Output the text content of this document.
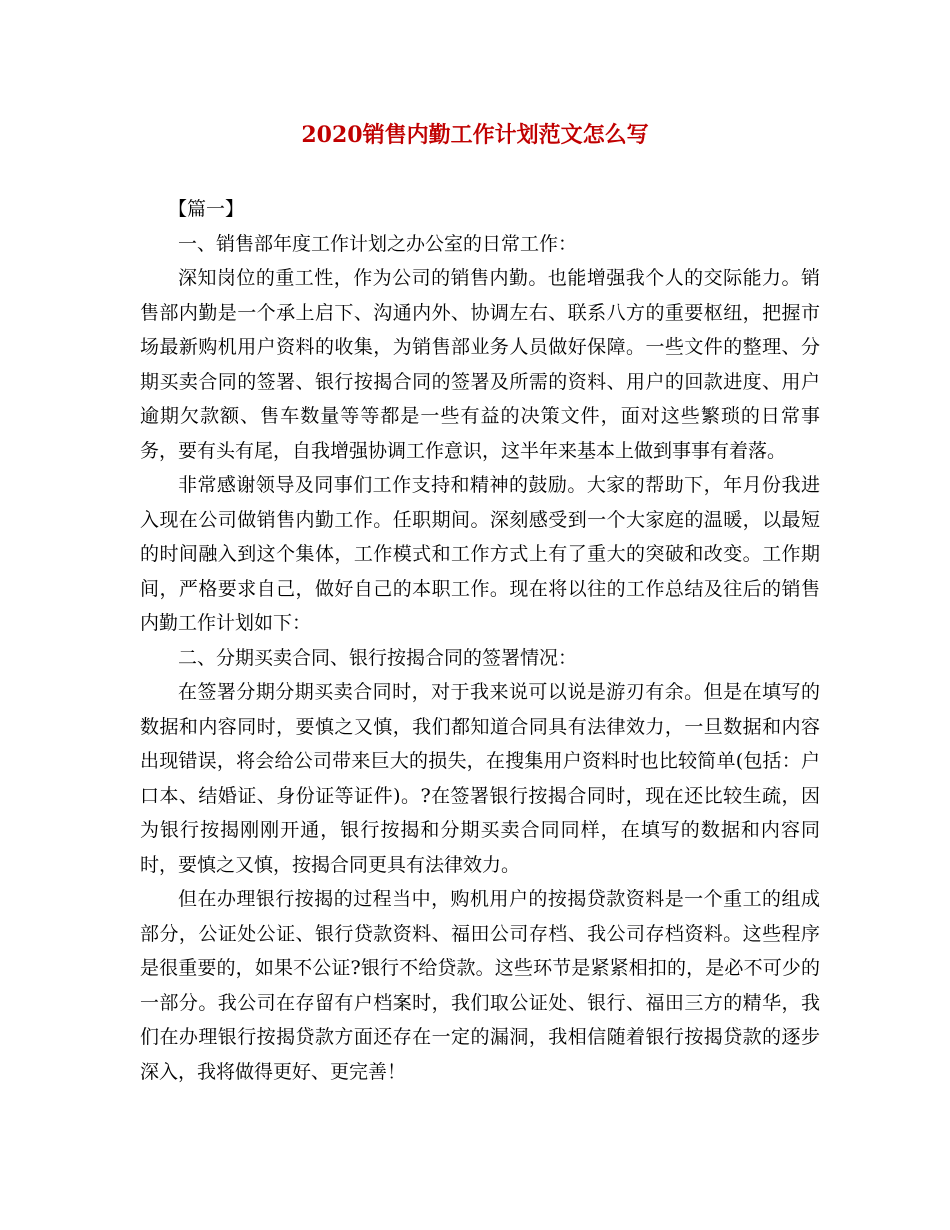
2020销售内勤工作计划范文怎么写

【篇一】

一、销售部年度工作计划之办公室的日常工作：

深知岗位的重工性，作为公司的销售内勤。也能增强我个人的交际能力。销售部内勤是一个承上启下、沟通内外、协调左右、联系八方的重要枢纽，把握市场最新购机用户资料的收集，为销售部业务人员做好保障。一些文件的整理、分期买卖合同的签署、银行按揭合同的签署及所需的资料、用户的回款进度、用户逾期欠款额、售车数量等等都是一些有益的决策文件，面对这些繁琐的日常事务，要有头有尾，自我增强协调工作意识，这半年来基本上做到事事有着落。

非常感谢领导及同事们工作支持和精神的鼓励。大家的帮助下，年月份我进入现在公司做销售内勤工作。任职期间。深刻感受到一个大家庭的温暖，以最短的时间融入到这个集体，工作模式和工作方式上有了重大的突破和改变。工作期间，严格要求自己，做好自己的本职工作。现在将以往的工作总结及往后的销售内勤工作计划如下：

二、分期买卖合同、银行按揭合同的签署情况：

在签署分期分期买卖合同时，对于我来说可以说是游刃有余。但是在填写的数据和内容同时，要慎之又慎，我们都知道合同具有法律效力，一旦数据和内容出现错误，将会给公司带来巨大的损失，在搜集用户资料时也比较简单(包括：户口本、结婚证、身份证等证件)。?在签署银行按揭合同时，现在还比较生疏，因为银行按揭刚刚开通，银行按揭和分期买卖合同同样，在填写的数据和内容同时，要慎之又慎，按揭合同更具有法律效力。

但在办理银行按揭的过程当中，购机用户的按揭贷款资料是一个重工的组成部分，公证处公证、银行贷款资料、福田公司存档、我公司存档资料。这些程序是很重要的，如果不公证?银行不给贷款。这些环节是紧紧相扣的，是必不可少的一部分。我公司在存留有户档案时，我们取公证处、银行、福田三方的精华，我们在办理银行按揭贷款方面还存在一定的漏洞，我相信随着银行按揭贷款的逐步深入，我将做得更好、更完善！
